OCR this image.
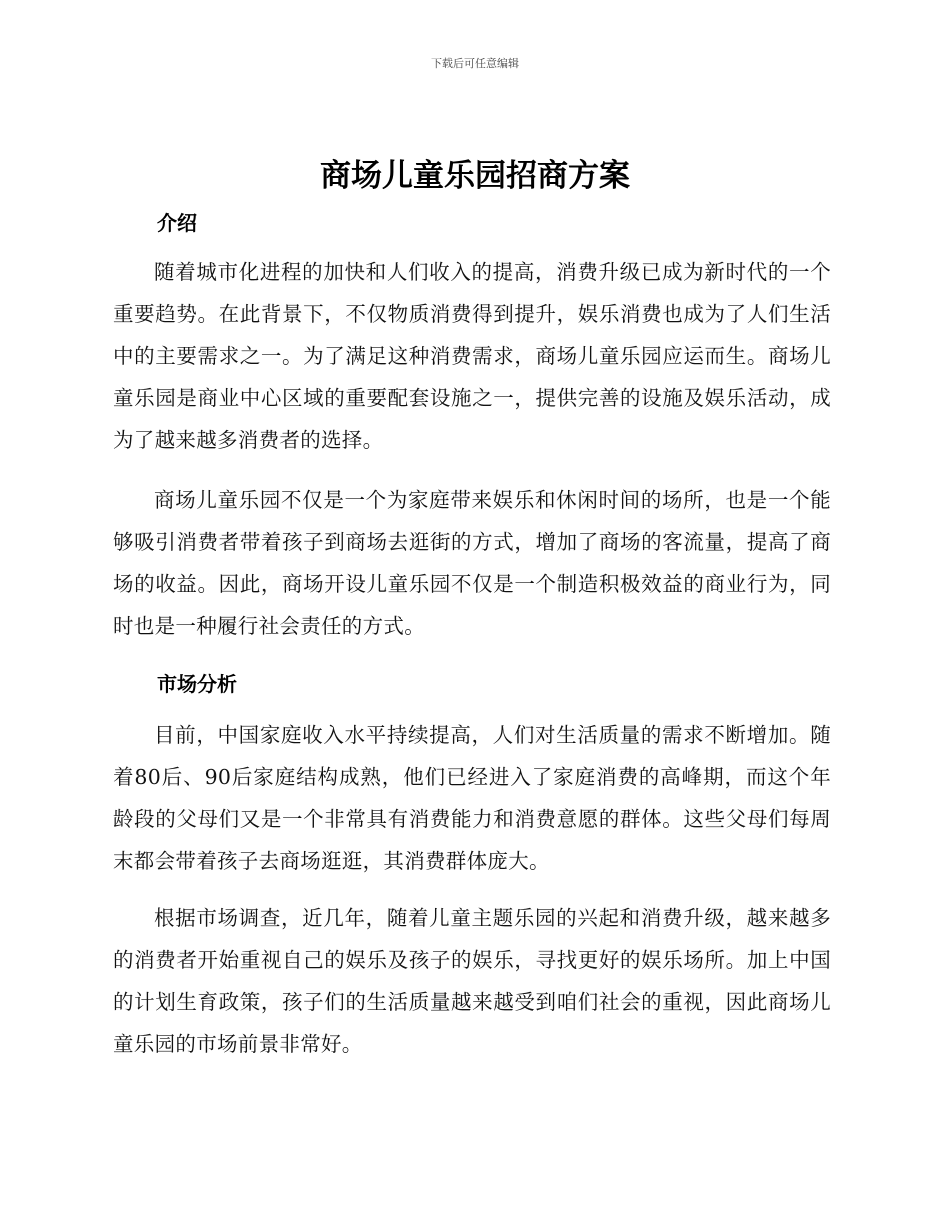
下载后可任意编辑
商场儿童乐园招商方案
介绍

随着城市化进程的加快和人们收入的提高，消费升级已成为新时代的一个重要趋势。在此背景下，不仅物质消费得到提升，娱乐消费也成为了人们生活中的主要需求之一。为了满足这种消费需求，商场儿童乐园应运而生。商场儿童乐园是商业中心区域的重要配套设施之一，提供完善的设施及娱乐活动，成为了越来越多消费者的选择。

商场儿童乐园不仅是一个为家庭带来娱乐和休闲时间的场所，也是一个能够吸引消费者带着孩子到商场去逛街的方式，增加了商场的客流量，提高了商场的收益。因此，商场开设儿童乐园不仅是一个制造积极效益的商业行为，同时也是一种履行社会责任的方式。

市场分析

目前，中国家庭收入水平持续提高，人们对生活质量的需求不断增加。随着80后、90后家庭结构成熟，他们已经进入了家庭消费的高峰期，而这个年龄段的父母们又是一个非常具有消费能力和消费意愿的群体。这些父母们每周末都会带着孩子去商场逛逛，其消费群体庞大。

根据市场调查，近几年，随着儿童主题乐园的兴起和消费升级，越来越多的消费者开始重视自己的娱乐及孩子的娱乐，寻找更好的娱乐场所。加上中国的计划生育政策，孩子们的生活质量越来越受到咱们社会的重视，因此商场儿童乐园的市场前景非常好。
